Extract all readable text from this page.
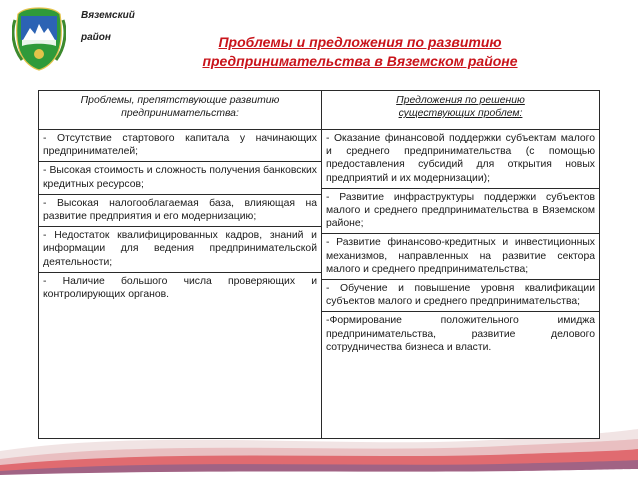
Вяземский
район	Проблемы и предложения по развитию
предпринимательства в Вяземском районе
Проблемы, препятствующие развитию
предпринимательства:
- Отсутствие стартового капитала у начинающих предпринимателей;
- Высокая стоимость и сложность получения банковских кредитных ресурсов;
- Высокая налогооблагаемая база, влияющая на развитие предприятия и его модернизацию;
- Недостаток квалифицированных кадров, знаний и информации для ведения предпринимательской деятельности;
- Наличие большого числа проверяющих и контролирующих органов.
Предложения по решению
существующих проблем:
- Оказание финансовой поддержки субъектам малого и среднего предпринимательства (с помощью предоставления субсидий для открытия новых предприятий и их модернизации);
- Развитие инфраструктуры поддержки субъектов малого и среднего предпринимательства в Вяземском районе;
- Развитие финансово-кредитных и инвестиционных механизмов, направленных на развитие сектора малого и среднего предпринимательства;
- Обучение и повышение уровня квалификации субъектов малого и среднего предпринимательства;
-Формирование положительного имиджа предпринимательства, развитие делового сотрудничества бизнеса и власти.
